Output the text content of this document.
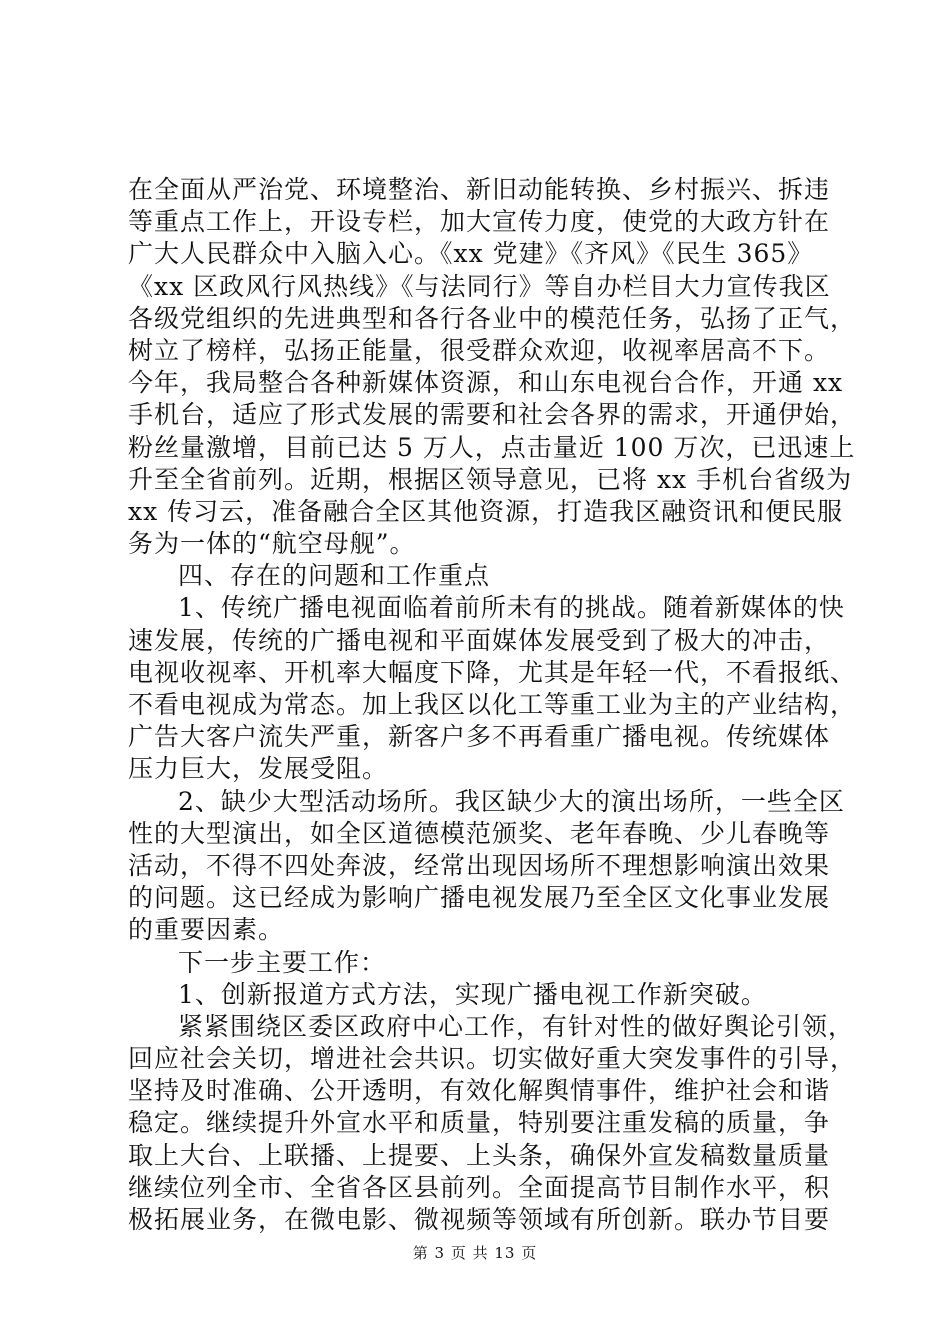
在全面从严治党、环境整治、新旧动能转换、乡村振兴、拆违
等重点工作上，开设专栏，加大宣传力度，使党的大政方针在
广大人民群众中入脑入心。《xx 党建》《齐风》《民生 365》
《xx 区政风行风热线》《与法同行》等自办栏目大力宣传我区
各级党组织的先进典型和各行各业中的模范任务，弘扬了正气，
树立了榜样，弘扬正能量，很受群众欢迎，收视率居高不下。
今年，我局整合各种新媒体资源，和山东电视台合作，开通 xx
手机台，适应了形式发展的需要和社会各界的需求，开通伊始，
粉丝量激增，目前已达 5 万人，点击量近 100 万次，已迅速上
升至全省前列。近期，根据区领导意见，已将 xx 手机台省级为
xx 传习云，准备融合全区其他资源，打造我区融资讯和便民服
务为一体的“航空母舰”。
四、存在的问题和工作重点
1、传统广播电视面临着前所未有的挑战。随着新媒体的快
速发展，传统的广播电视和平面媒体发展受到了极大的冲击，
电视收视率、开机率大幅度下降，尤其是年轻一代，不看报纸、
不看电视成为常态。加上我区以化工等重工业为主的产业结构，
广告大客户流失严重，新客户多不再看重广播电视。传统媒体
压力巨大，发展受阻。
2、缺少大型活动场所。我区缺少大的演出场所，一些全区
性的大型演出，如全区道德模范颁奖、老年春晚、少儿春晚等
活动，不得不四处奔波，经常出现因场所不理想影响演出效果
的问题。这已经成为影响广播电视发展乃至全区文化事业发展
的重要因素。
下一步主要工作：
1、创新报道方式方法，实现广播电视工作新突破。
紧紧围绕区委区政府中心工作，有针对性的做好舆论引领，
回应社会关切，增进社会共识。切实做好重大突发事件的引导，
坚持及时准确、公开透明，有效化解舆情事件，维护社会和谐
稳定。继续提升外宣水平和质量，特别要注重发稿的质量，争
取上大台、上联播、上提要、上头条，确保外宣发稿数量质量
继续位列全市、全省各区县前列。全面提高节目制作水平，积
极拓展业务，在微电影、微视频等领域有所创新。联办节目要
第 3 页 共 13 页
